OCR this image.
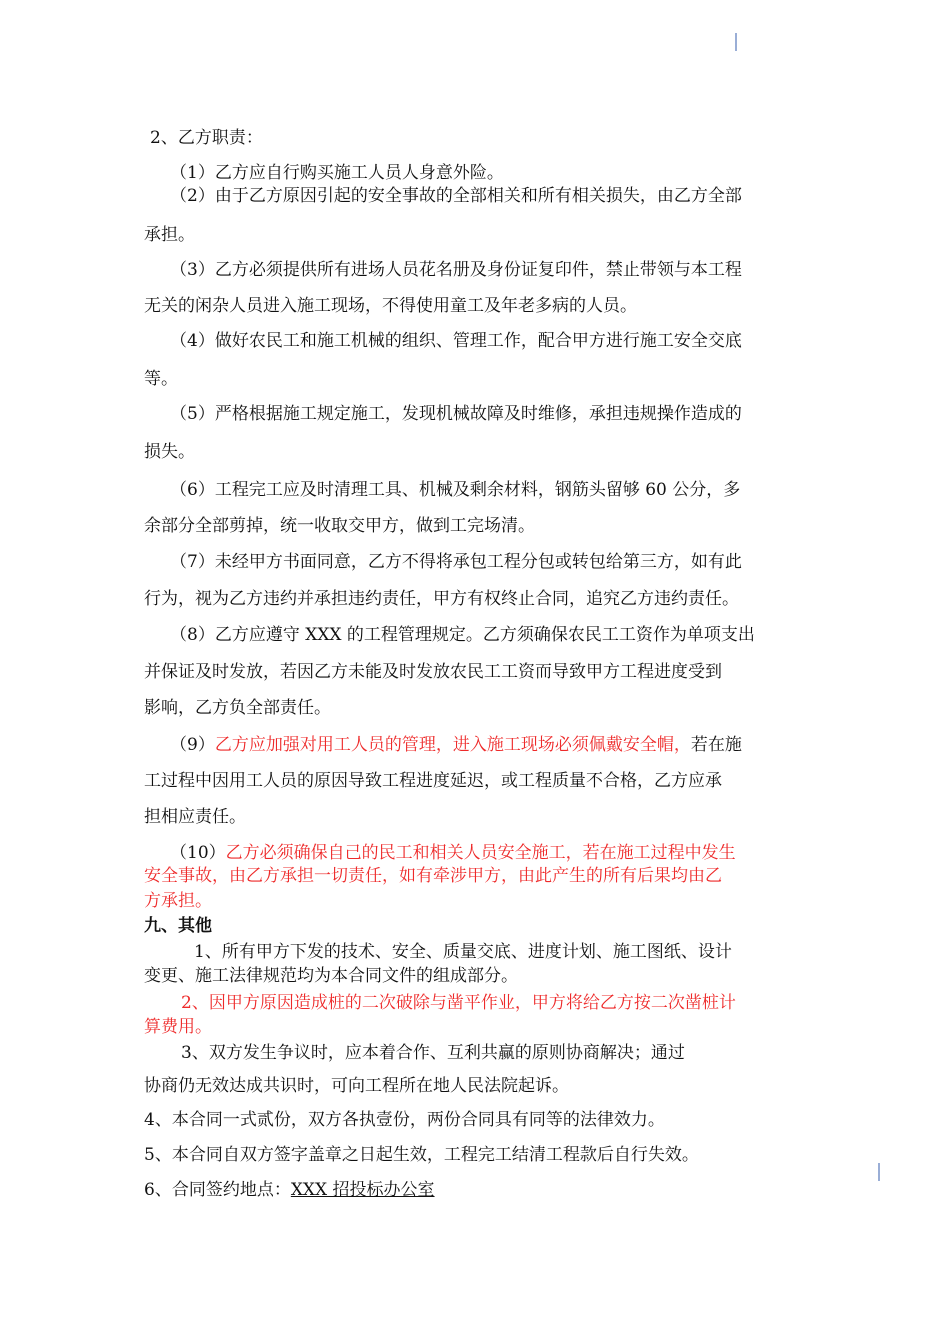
2、乙方职责：
（1）乙方应自行购买施工人员人身意外险。
（2）由于乙方原因引起的安全事故的全部相关和所有相关损失，由乙方全部
承担。
（3）乙方必须提供所有进场人员花名册及身份证复印件，禁止带领与本工程
无关的闲杂人员进入施工现场，不得使用童工及年老多病的人员。
（4）做好农民工和施工机械的组织、管理工作，配合甲方进行施工安全交底
等。
（5）严格根据施工规定施工，发现机械故障及时维修，承担违规操作造成的
损失。
（6）工程完工应及时清理工具、机械及剩余材料，钢筋头留够 60 公分，多
余部分全部剪掉，统一收取交甲方，做到工完场清。
（7）未经甲方书面同意，乙方不得将承包工程分包或转包给第三方，如有此
行为，视为乙方违约并承担违约责任，甲方有权终止合同，追究乙方违约责任。
（8）乙方应遵守 XXX 的工程管理规定。乙方须确保农民工工资作为单项支出
并保证及时发放，若因乙方未能及时发放农民工工资而导致甲方工程进度受到
影响，乙方负全部责任。
（9）乙方应加强对用工人员的管理，进入施工现场必须佩戴安全帽，若在施
工过程中因用工人员的原因导致工程进度延迟，或工程质量不合格，乙方应承
担相应责任。
（10）乙方必须确保自己的民工和相关人员安全施工，若在施工过程中发生
安全事故，由乙方承担一切责任，如有牵涉甲方，由此产生的所有后果均由乙
方承担。
九、其他
1、所有甲方下发的技术、安全、质量交底、进度计划、施工图纸、设计
变更、施工法律规范均为本合同文件的组成部分。
2、因甲方原因造成桩的二次破除与凿平作业，甲方将给乙方按二次凿桩计
算费用。
3、双方发生争议时，应本着合作、互利共赢的原则协商解决；通过
协商仍无效达成共识时，可向工程所在地人民法院起诉。
4、本合同一式贰份，双方各执壹份，两份合同具有同等的法律效力。
5、本合同自双方签字盖章之日起生效，工程完工结清工程款后自行失效。
6、合同签约地点：XXX 招投标办公室
